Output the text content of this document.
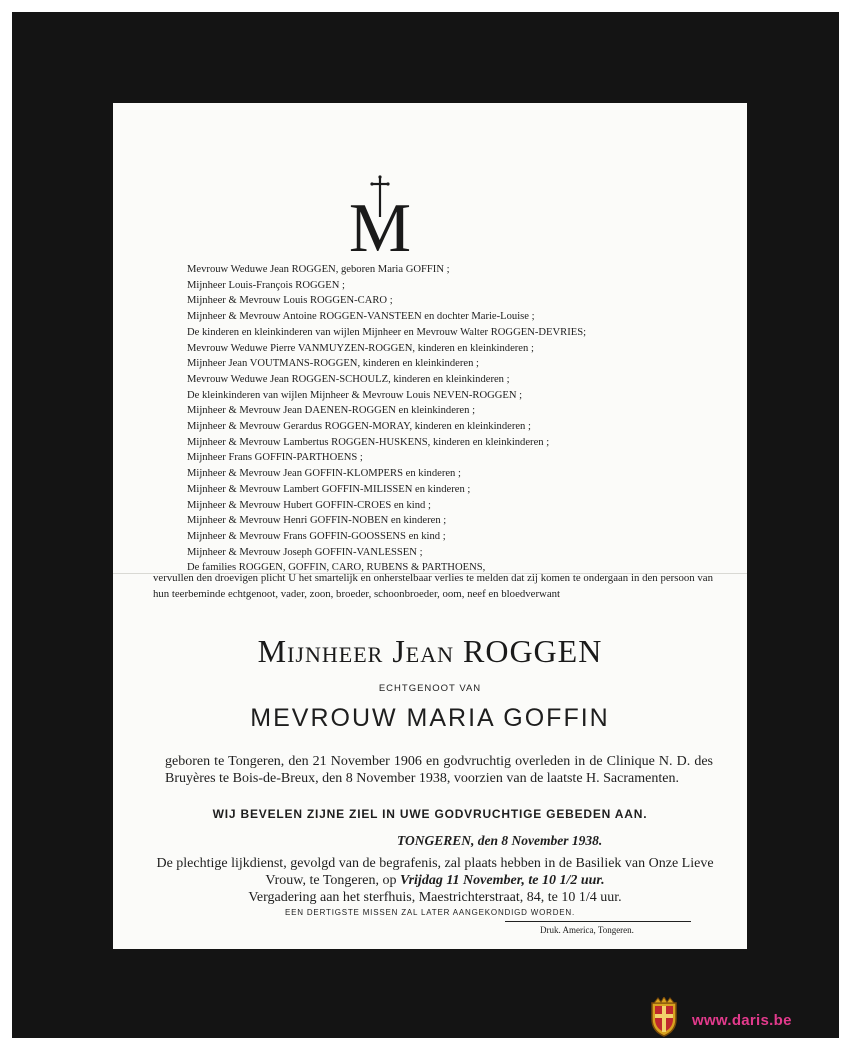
M
Mevrouw Weduwe Jean ROGGEN, geboren Maria GOFFIN ;
Mijnheer Louis-François ROGGEN ;
Mijnheer & Mevrouw Louis ROGGEN-CARO ;
Mijnheer & Mevrouw Antoine ROGGEN-VANSTEEN en dochter Marie-Louise ;
De kinderen en kleinkinderen van wijlen Mijnheer en Mevrouw Walter ROGGEN-DEVRIES;
Mevrouw Weduwe Pierre VANMUYZEN-ROGGEN, kinderen en kleinkinderen ;
Mijnheer Jean VOUTMANS-ROGGEN, kinderen en kleinkinderen ;
Mevrouw Weduwe Jean ROGGEN-SCHOULZ, kinderen en kleinkinderen ;
De kleinkinderen van wijlen Mijnheer & Mevrouw Louis NEVEN-ROGGEN ;
Mijnheer & Mevrouw Jean DAENEN-ROGGEN en kleinkinderen ;
Mijnheer & Mevrouw Gerardus ROGGEN-MORAY, kinderen en kleinkinderen ;
Mijnheer & Mevrouw Lambertus ROGGEN-HUSKENS, kinderen en kleinkinderen ;
Mijnheer Frans GOFFIN-PARTHOENS ;
Mijnheer & Mevrouw Jean GOFFIN-KLOMPERS en kinderen ;
Mijnheer & Mevrouw Lambert GOFFIN-MILISSEN en kinderen ;
Mijnheer & Mevrouw Hubert GOFFIN-CROES en kind ;
Mijnheer & Mevrouw Henri GOFFIN-NOBEN en kinderen ;
Mijnheer & Mevrouw Frans GOFFIN-GOOSSENS en kind ;
Mijnheer & Mevrouw Joseph GOFFIN-VANLESSEN ;
De families ROGGEN, GOFFIN, CARO, RUBENS & PARTHOENS,
vervullen den droevigen plicht U het smartelijk en onherstelbaar verlies te melden dat zij komen te ondergaan in den persoon van hun teerbeminde echtgenoot, vader, zoon, broeder, schoonbroeder, oom, neef en bloedverwant
Mijnheer Jean ROGGEN
ECHTGENOOT VAN
MEVROUW MARIA GOFFIN
geboren te Tongeren, den 21 November 1906 en godvruchtig overleden in de Clinique N. D. des Bruyères te Bois-de-Breux, den 8 November 1938, voorzien van de laatste H. Sacramenten.
WIJ BEVELEN ZIJNE ZIEL IN UWE GODVRUCHTIGE GEBEDEN AAN.
TONGEREN, den 8 November 1938.
De plechtige lijkdienst, gevolgd van de begrafenis, zal plaats hebben in de Basiliek van Onze Lieve Vrouw, te Tongeren, op Vrijdag 11 November, te 10 1/2 uur.
Vergadering aan het sterfhuis, Maestrichterstraat, 84, te 10 1/4 uur.
EEN DERTIGSTE MISSEN ZAL LATER AANGEKONDIGD WORDEN.
Druk. America, Tongeren.
www.daris.be
